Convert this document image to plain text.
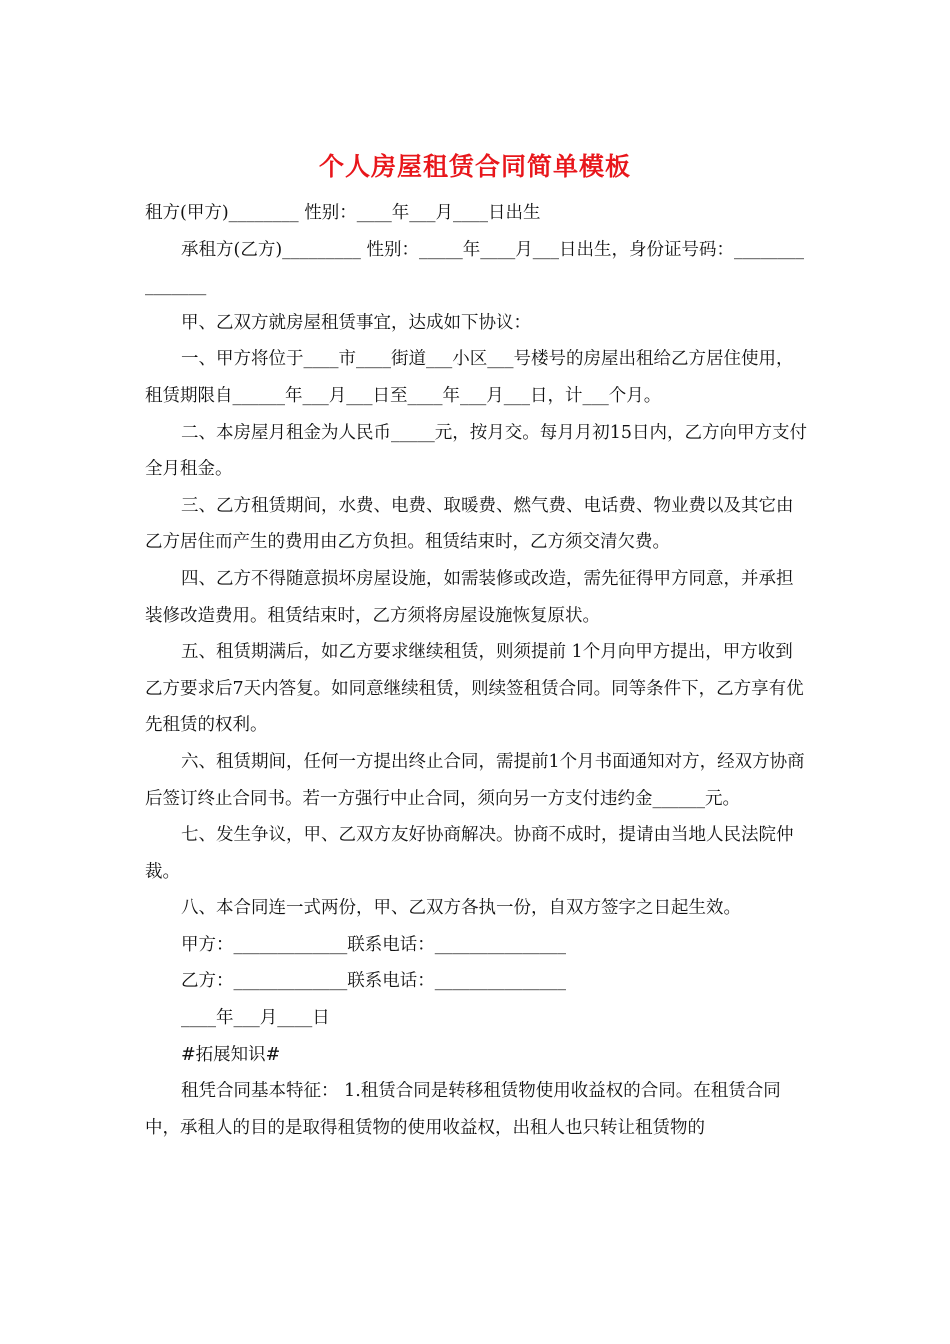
个人房屋租赁合同简单模板

租方(甲方)________ 性别：____年___月____日出生

承租方(乙方)_________ 性别：_____年____月___日出生，身份证号码：_______________

甲、乙双方就房屋租赁事宜，达成如下协议：

一、甲方将位于____市____街道___小区___号楼号的房屋出租给乙方居住使用，租赁期限自______年___月___日至____年___月___日，计___个月。

二、本房屋月租金为人民币_____元，按月交。每月月初15日内，乙方向甲方支付全月租金。

三、乙方租赁期间，水费、电费、取暖费、燃气费、电话费、物业费以及其它由乙方居住而产生的费用由乙方负担。租赁结束时，乙方须交清欠费。

四、乙方不得随意损坏房屋设施，如需装修或改造，需先征得甲方同意，并承担装修改造费用。租赁结束时，乙方须将房屋设施恢复原状。

五、租赁期满后，如乙方要求继续租赁，则须提前 1个月向甲方提出，甲方收到乙方要求后7天内答复。如同意继续租赁，则续签租赁合同。同等条件下，乙方享有优先租赁的权利。

六、租赁期间，任何一方提出终止合同，需提前1个月书面通知对方，经双方协商后签订终止合同书。若一方强行中止合同，须向另一方支付违约金______元。

七、发生争议，甲、乙双方友好协商解决。协商不成时，提请由当地人民法院仲裁。

八、本合同连一式两份，甲、乙双方各执一份，自双方签字之日起生效。

甲方：_____________联系电话：_______________

乙方：_____________联系电话：_______________

____年___月____日

#拓展知识#

租凭合同基本特征： 1.租赁合同是转移租赁物使用收益权的合同。在租赁合同中，承租人的目的是取得租赁物的使用收益权，出租人也只转让租赁物的
